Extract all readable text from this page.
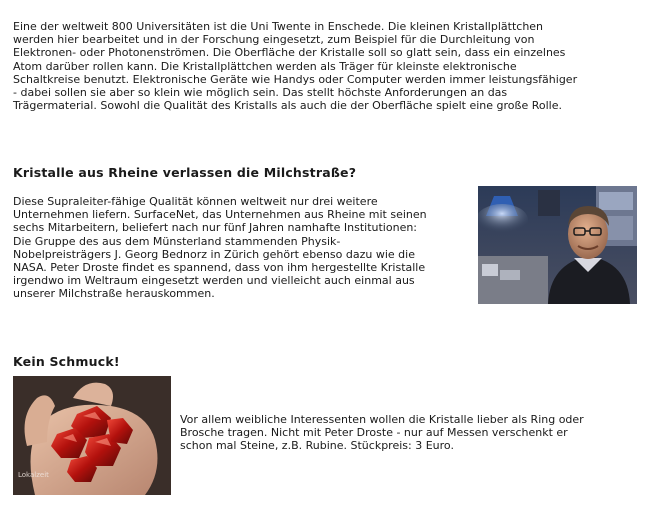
Eine der weltweit 800 Universitäten ist die Uni Twente in Enschede. Die kleinen Kristallplättchen
werden hier bearbeitet und in der Forschung eingesetzt, zum Beispiel für die Durchleitung von
Elektronen- oder Photonenströmen. Die Oberfläche der Kristalle soll so glatt sein, dass ein einzelnes
Atom darüber rollen kann. Die Kristallplättchen werden als Träger für kleinste elektronische
Schaltkreise benutzt. Elektronische Geräte wie Handys oder Computer werden immer leistungsfähiger
- dabei sollen sie aber so klein wie möglich sein. Das stellt höchste Anforderungen an das
Trägermaterial. Sowohl die Qualität des Kristalls als auch die der Oberfläche spielt eine große Rolle.
Kristalle aus Rheine verlassen die Milchstraße?
Diese Supraleiter-fähige Qualität können weltweit nur drei weitere
Unternehmen liefern. SurfaceNet, das Unternehmen aus Rheine mit seinen
sechs Mitarbeitern, beliefert nach nur fünf Jahren namhafte Institutionen:
Die Gruppe des aus dem Münsterland stammenden Physik-
Nobelpreisträgers J. Georg Bednorz in Zürich gehört ebenso dazu wie die
NASA. Peter Droste findet es spannend, dass von ihm hergestellte Kristalle
irgendwo im Weltraum eingesetzt werden und vielleicht auch einmal aus
unserer Milchstraße herauskommen.
Kein Schmuck!
Lokalzeit
Vor allem weibliche Interessenten wollen die Kristalle lieber als Ring oder
Brosche tragen. Nicht mit Peter Droste - nur auf Messen verschenkt er
schon mal Steine, z.B. Rubine. Stückpreis: 3 Euro.
